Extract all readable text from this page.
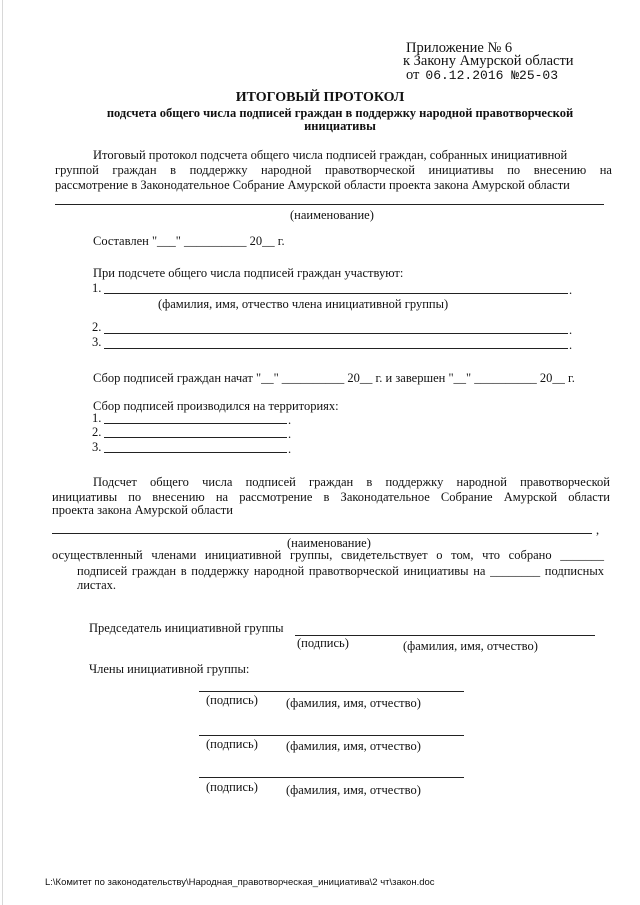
Приложение № 6
к Закону Амурской области
от 06.12.2016 №25-03
ИТОГОВЫЙ ПРОТОКОЛ
подсчета общего числа подписей граждан в поддержку народной правотворческой
инициативы
Итоговый протокол подсчета общего числа подписей граждан, собранных инициативной
группой граждан в поддержку народной правотворческой инициативы по внесению на
рассмотрение в Законодательное Собрание Амурской области проекта закона Амурской области
(наименование)
Составлен "___" __________ 20__ г.
При подсчете общего числа подписей граждан участвуют:
1.	.
(фамилия, имя, отчество члена инициативной группы)
2.	.
3.	.
Сбор подписей граждан начат "__" __________ 20__ г. и завершен "__" __________ 20__ г.
Сбор подписей производился на территориях:
1.	.
2.	.
3.	.
Подсчет общего числа подписей граждан в поддержку народной правотворческой
инициативы по внесению на рассмотрение в Законодательное Собрание Амурской области
проекта закона Амурской области
,
(наименование)
осуществленный членами инициативной группы, свидетельствует о том, что собрано _______
подписей граждан в поддержку народной правотворческой инициативы на ________ подписных
листах.
Председатель инициативной группы
(подпись)	(фамилия, имя, отчество)
Члены инициативной группы:
(подпись) (фамилия, имя, отчество)
(подпись) (фамилия, имя, отчество)
(подпись) (фамилия, имя, отчество)
L:\Комитет по законодательству\Народная_правотворческая_инициатива\2 чт\закон.doc
